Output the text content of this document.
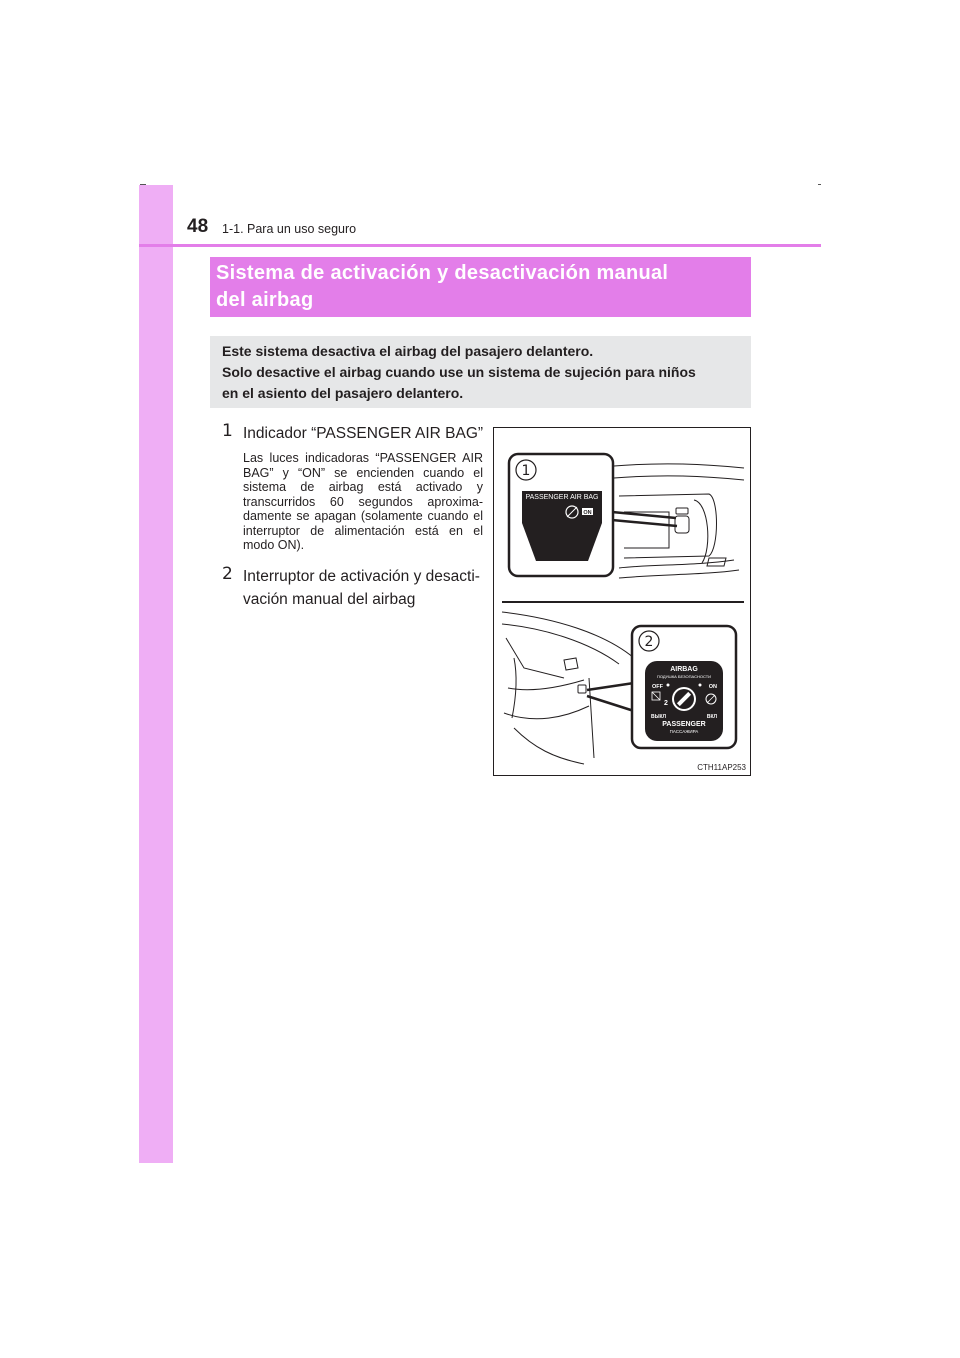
48 1-1. Para un uso seguro
Sistema de activación y desactivación manual
del airbag
Este sistema desactiva el airbag del pasajero delantero.
Solo desactive el airbag cuando use un sistema de sujeción para niños
en el asiento del pasajero delantero.
1 Indicador “PASSENGER AIR BAG”
Las luces indicadoras “PASSENGER AIR BAG” y “ON” se encienden cuando el sistema de airbag está activado y transcurridos 60 segundos aproxima- damente se apagan (solamente cuando el interruptor de alimentación está en el modo ON).
2 Interruptor de activación y desacti-
vación manual del airbag
1
PASSENGER AIR BAG
ON
2
AIRBAG
ПОДУШКА БЕЗОПАСНОСТИ
OFF	ON
2
ВЫКЛ	ВКЛ
PASSENGER
ПАССАЖИРА
CTH11AP253
